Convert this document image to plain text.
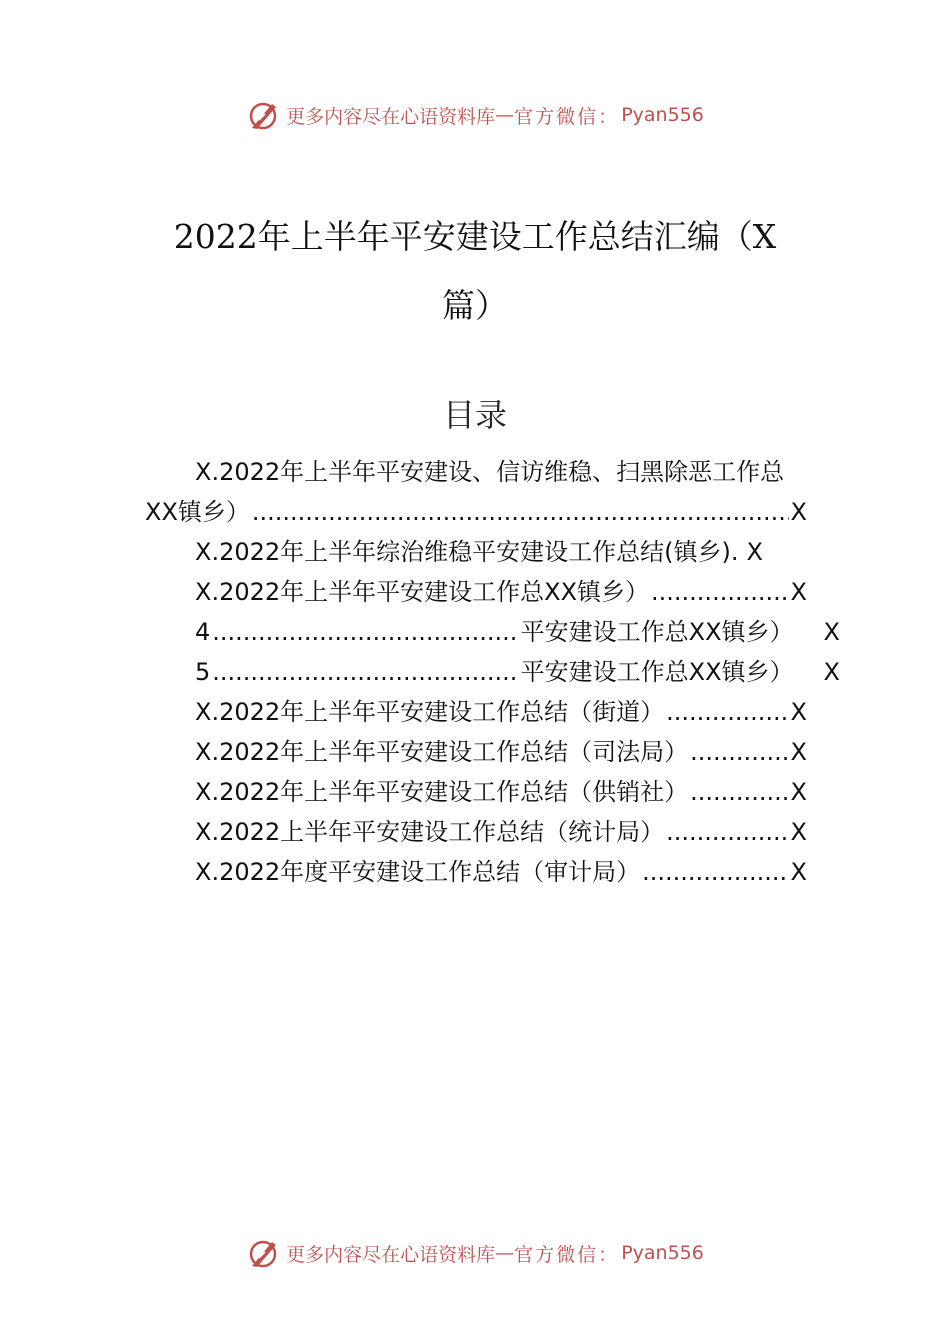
更多内容尽在心语资料库 — 官方微信： Pyan556
2022年上半年平安建设工作总结汇编（X
篇）
目录
X.2022年上半年平安建设、信访维稳、扫黑除恶工作总
XX镇乡） .....	X
X.2022年上半年综治维稳平安建设工作总结(镇乡). X
X.2022年上半年平安建设工作总XX镇乡） .....	X
4 .....	平安建设工作总XX镇乡） X
5 .....	平安建设工作总XX镇乡） X
X.2022年上半年平安建设工作总结（街道） .....	X
X.2022年上半年平安建设工作总结（司法局） .....	X
X.2022年上半年平安建设工作总结（供销社） .....	X
X.2022上半年平安建设工作总结（统计局） .....	X
X.2022年度平安建设工作总结（审计局） .....	X
更多内容尽在心语资料库 — 官方微信： Pyan556
